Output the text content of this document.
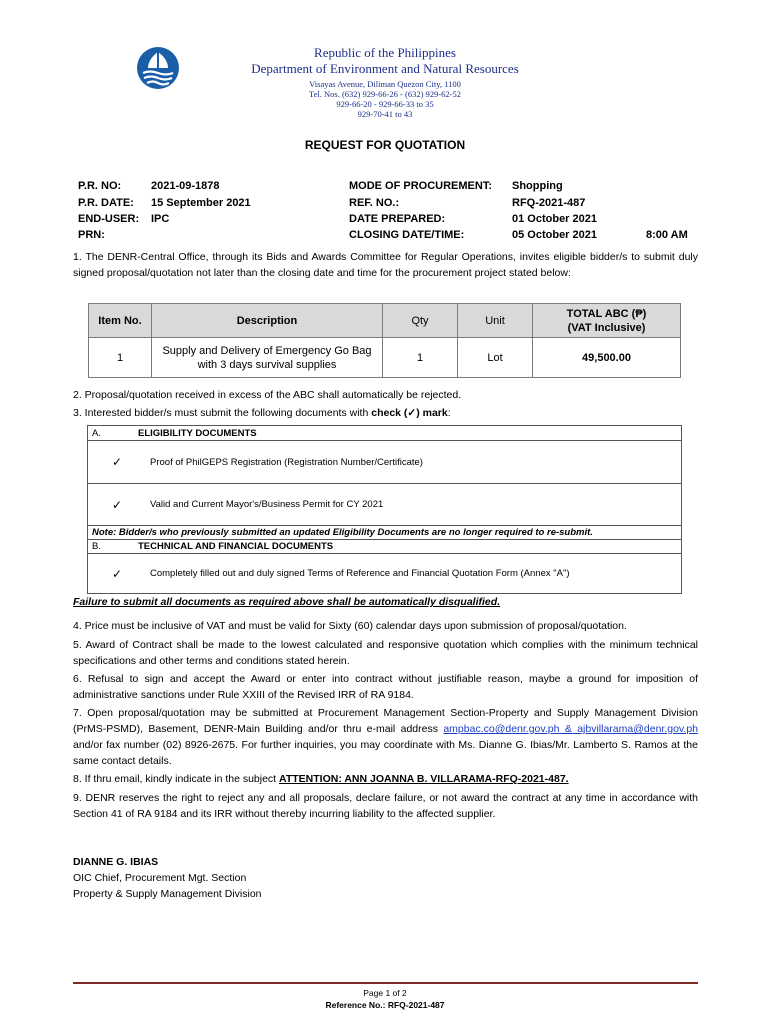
Republic of the Philippines
Department of Environment and Natural Resources
Visayas Avenue, Diliman Quezon City, 1100
Tel. Nos. (632) 929-66-26 - (632) 929-62-52
929-66-20 - 929-66-33 to 35
929-70-41 to 43
REQUEST FOR QUOTATION
P.R. NO:	2021-09-1878
P.R. DATE: 15 September 2021
END-USER: IPC
PRN:
MODE OF PROCUREMENT: Shopping
REF. NO.:	RFQ-2021-487
DATE PREPARED:	01 October 2021
CLOSING DATE/TIME:	05 October 2021	8:00 AM
1. The DENR-Central Office, through its Bids and Awards Committee for Regular Operations, invites eligible bidder/s to submit duly signed proposal/quotation not later than the closing date and time for the procurement project stated below:
Item No.	Description	Qty	Unit	TOTAL ABC (₱)
(VAT Inclusive)

1	Supply and Delivery of Emergency Go Bag
with 3 days survival supplies	1	Lot	49,500.00
2. Proposal/quotation received in excess of the ABC shall automatically be rejected.
3. Interested bidder/s must submit the following documents with check (✓) mark:
A. ELIGIBILITY DOCUMENTS	
✓	Proof of PhilGEPS Registration (Registration Number/Certificate)
✓	Valid and Current Mayor's/Business Permit for CY 2021
Note: Bidder/s who previously submitted an updated Eligibility Documents are no longer required to re-submit.	
B. TECHNICAL AND FINANCIAL DOCUMENTS	
✓	Completely filled out and duly signed Terms of Reference and Financial Quotation Form (Annex "A")
Failure to submit all documents as required above shall be automatically disqualified.
4. Price must be inclusive of VAT and must be valid for Sixty (60) calendar days upon submission of proposal/quotation.
5. Award of Contract shall be made to the lowest calculated and responsive quotation which complies with the minimum technical specifications and other terms and conditions stated herein.
6. Refusal to sign and accept the Award or enter into contract without justifiable reason, maybe a ground for imposition of administrative sanctions under Rule XXIII of the Revised IRR of RA 9184.
7. Open proposal/quotation may be submitted at Procurement Management Section-Property and Supply Management Division (PrMS-PSMD), Basement, DENR-Main Building and/or thru e-mail address ampbac.co@denr.gov.ph & ajbvillarama@denr.gov.ph and/or fax number (02) 8926-2675. For further inquiries, you may coordinate with Ms. Dianne G. Ibias/Mr. Lamberto S. Ramos at the same contact details.
8. If thru email, kindly indicate in the subject ATTENTION: ANN JOANNA B. VILLARAMA-RFQ-2021-487.
9. DENR reserves the right to reject any and all proposals, declare failure, or not award the contract at any time in accordance with Section 41 of RA 9184 and its IRR without thereby incurring liability to the affected supplier.
DIANNE G. IBIAS
OIC Chief, Procurement Mgt. Section
Property & Supply Management Division
Page 1 of 2
Reference No.: RFQ-2021-487
